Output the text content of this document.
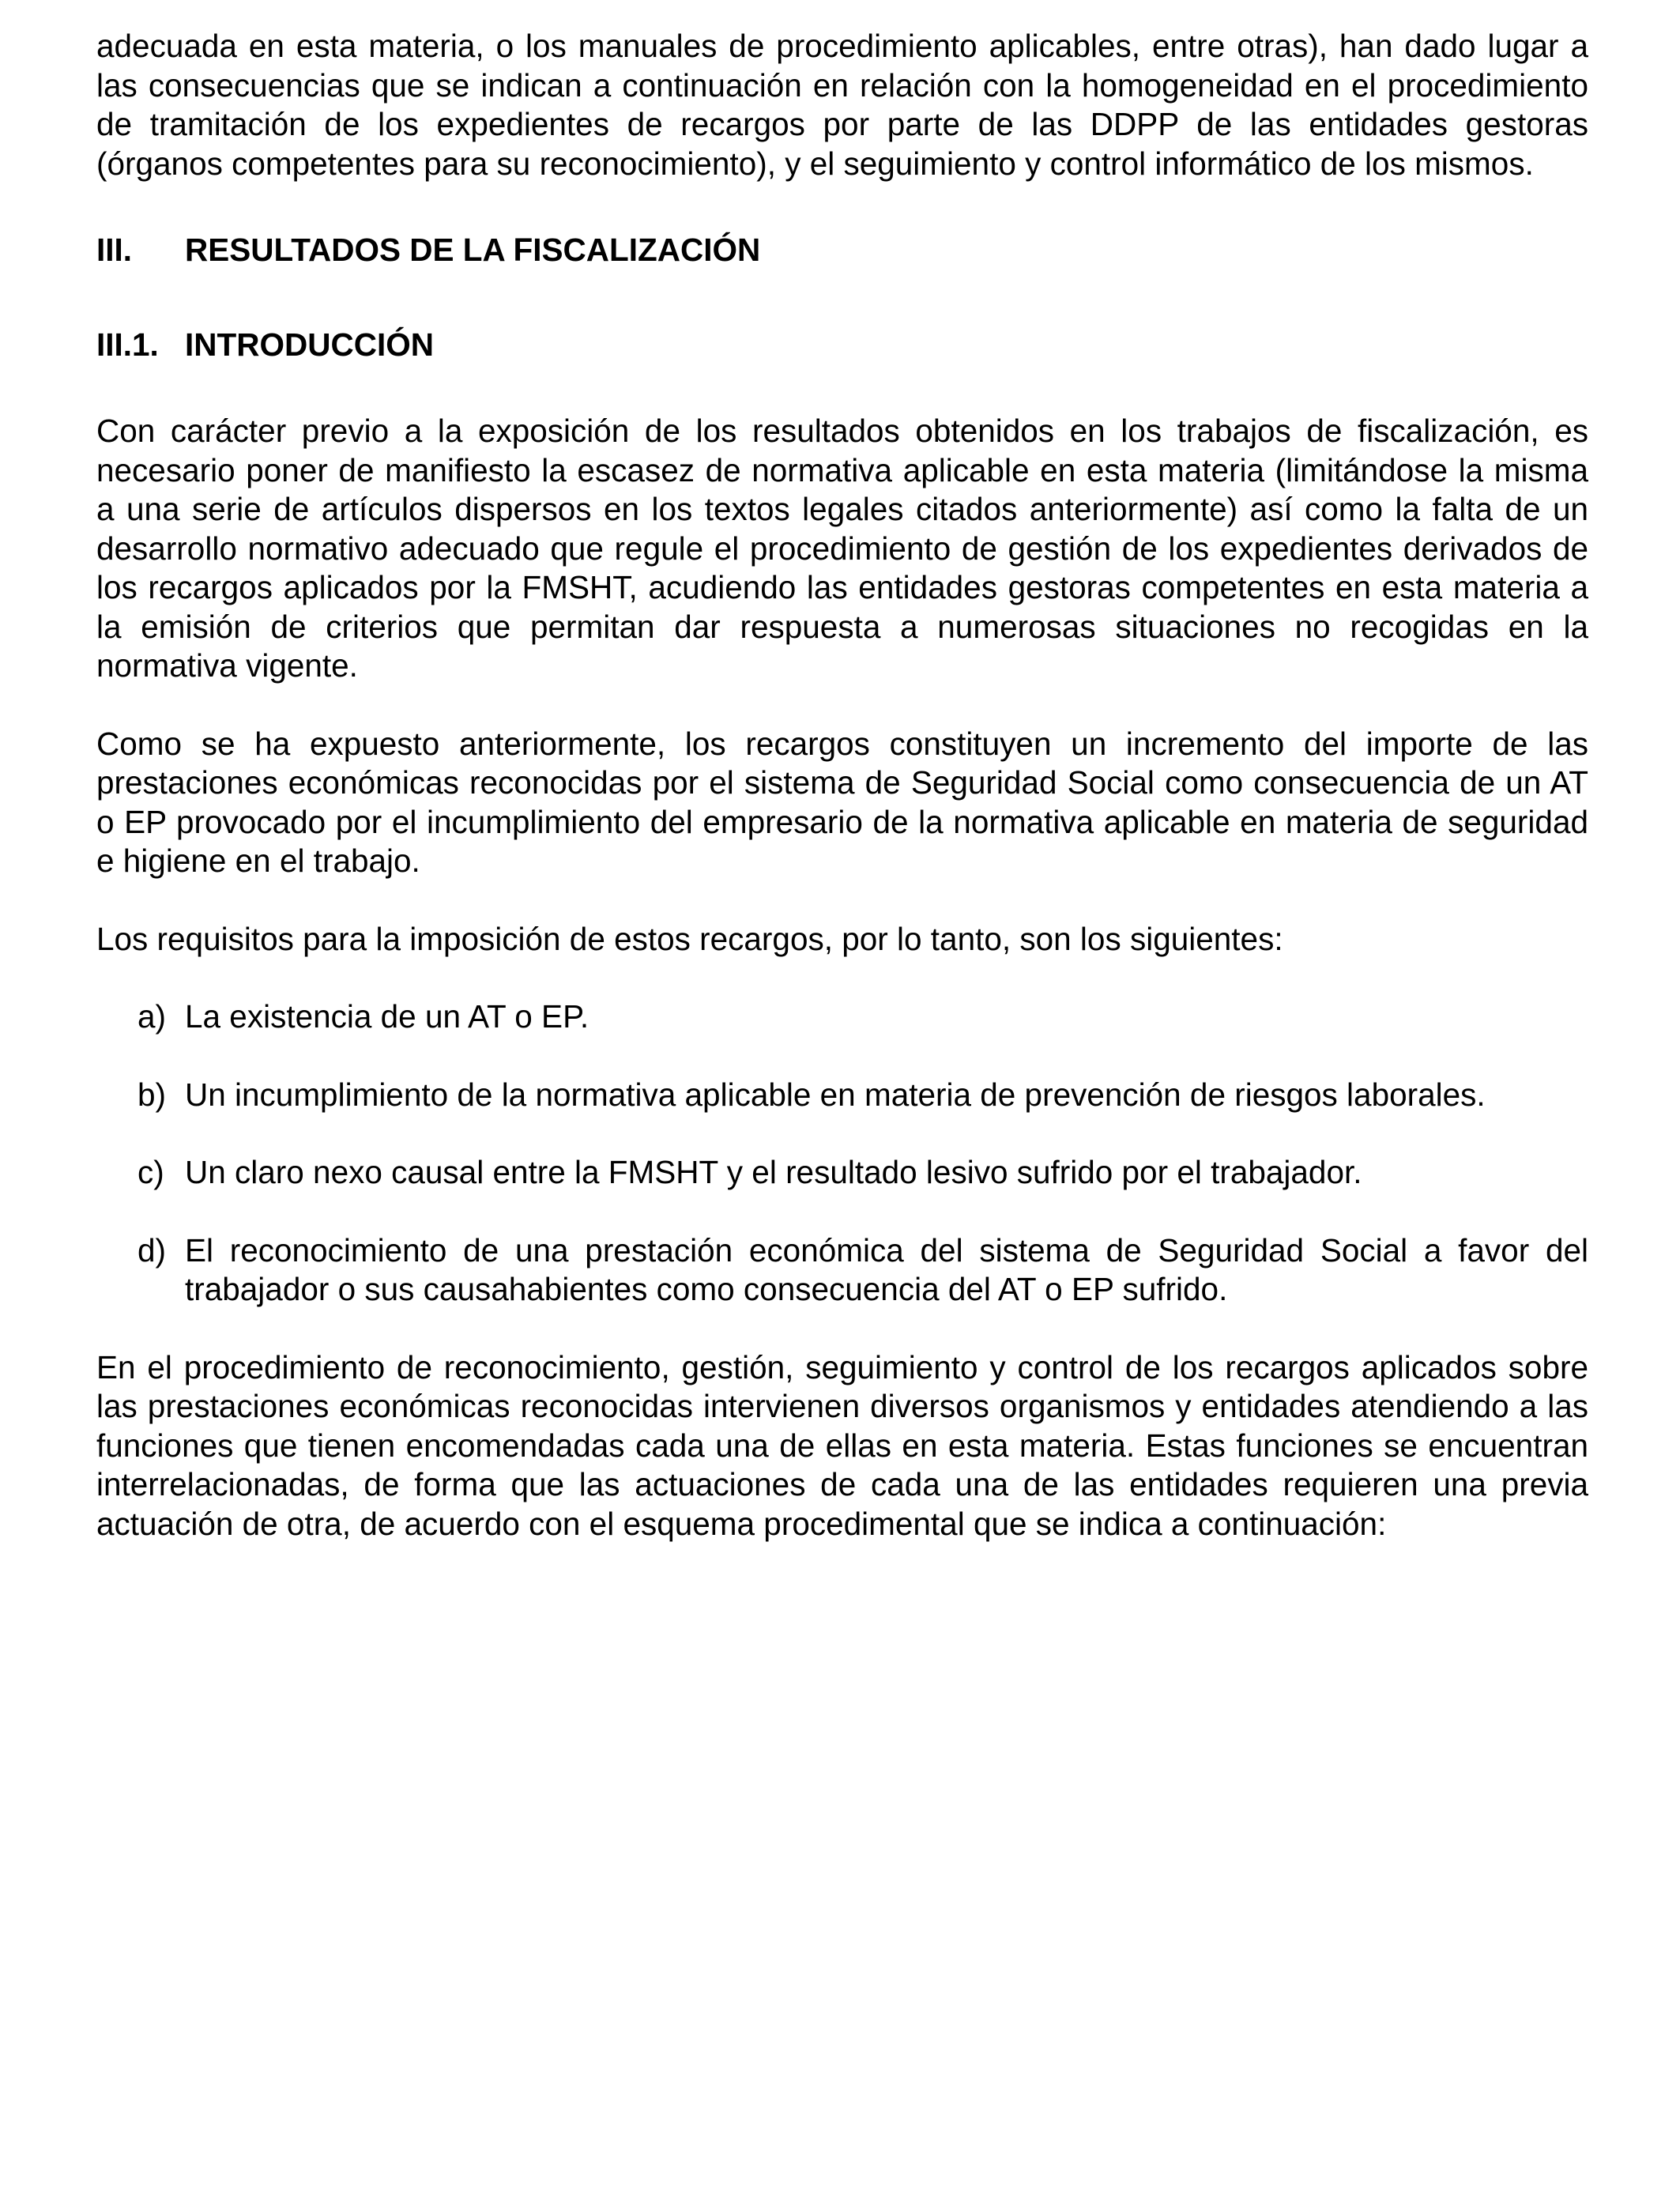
adecuada en esta materia, o los manuales de procedimiento aplicables, entre otras), han dado lugar a las consecuencias que se indican a continuación en relación con la homogeneidad en el procedimiento de tramitación de los expedientes de recargos por parte de las DDPP de las entidades gestoras (órganos competentes para su reconocimiento), y el seguimiento y control informático de los mismos.

III.	RESULTADOS DE LA FISCALIZACIÓN
III.1. INTRODUCCIÓN

Con carácter previo a la exposición de los resultados obtenidos en los trabajos de fiscalización, es necesario poner de manifiesto la escasez de normativa aplicable en esta materia (limitándose la misma a una serie de artículos dispersos en los textos legales citados anteriormente) así como la falta de un desarrollo normativo adecuado que regule el procedimiento de gestión de los expedientes derivados de los recargos aplicados por la FMSHT, acudiendo las entidades gestoras competentes en esta materia a la emisión de criterios que permitan dar respuesta a numerosas situaciones no recogidas en la normativa vigente.

Como se ha expuesto anteriormente, los recargos constituyen un incremento del importe de las prestaciones económicas reconocidas por el sistema de Seguridad Social como consecuencia de un AT o EP provocado por el incumplimiento del empresario de la normativa aplicable en materia de seguridad e higiene en el trabajo.

Los requisitos para la imposición de estos recargos, por lo tanto, son los siguientes:

a) La existencia de un AT o EP.
b) Un incumplimiento de la normativa aplicable en materia de prevención de riesgos laborales.
c) Un claro nexo causal entre la FMSHT y el resultado lesivo sufrido por el trabajador.
d) El reconocimiento de una prestación económica del sistema de Seguridad Social a favor del trabajador o sus causahabientes como consecuencia del AT o EP sufrido.

En el procedimiento de reconocimiento, gestión, seguimiento y control de los recargos aplicados sobre las prestaciones económicas reconocidas intervienen diversos organismos y entidades atendiendo a las funciones que tienen encomendadas cada una de ellas en esta materia. Estas funciones se encuentran interrelacionadas, de forma que las actuaciones de cada una de las entidades requieren una previa actuación de otra, de acuerdo con el esquema procedimental que se indica a continuación:
